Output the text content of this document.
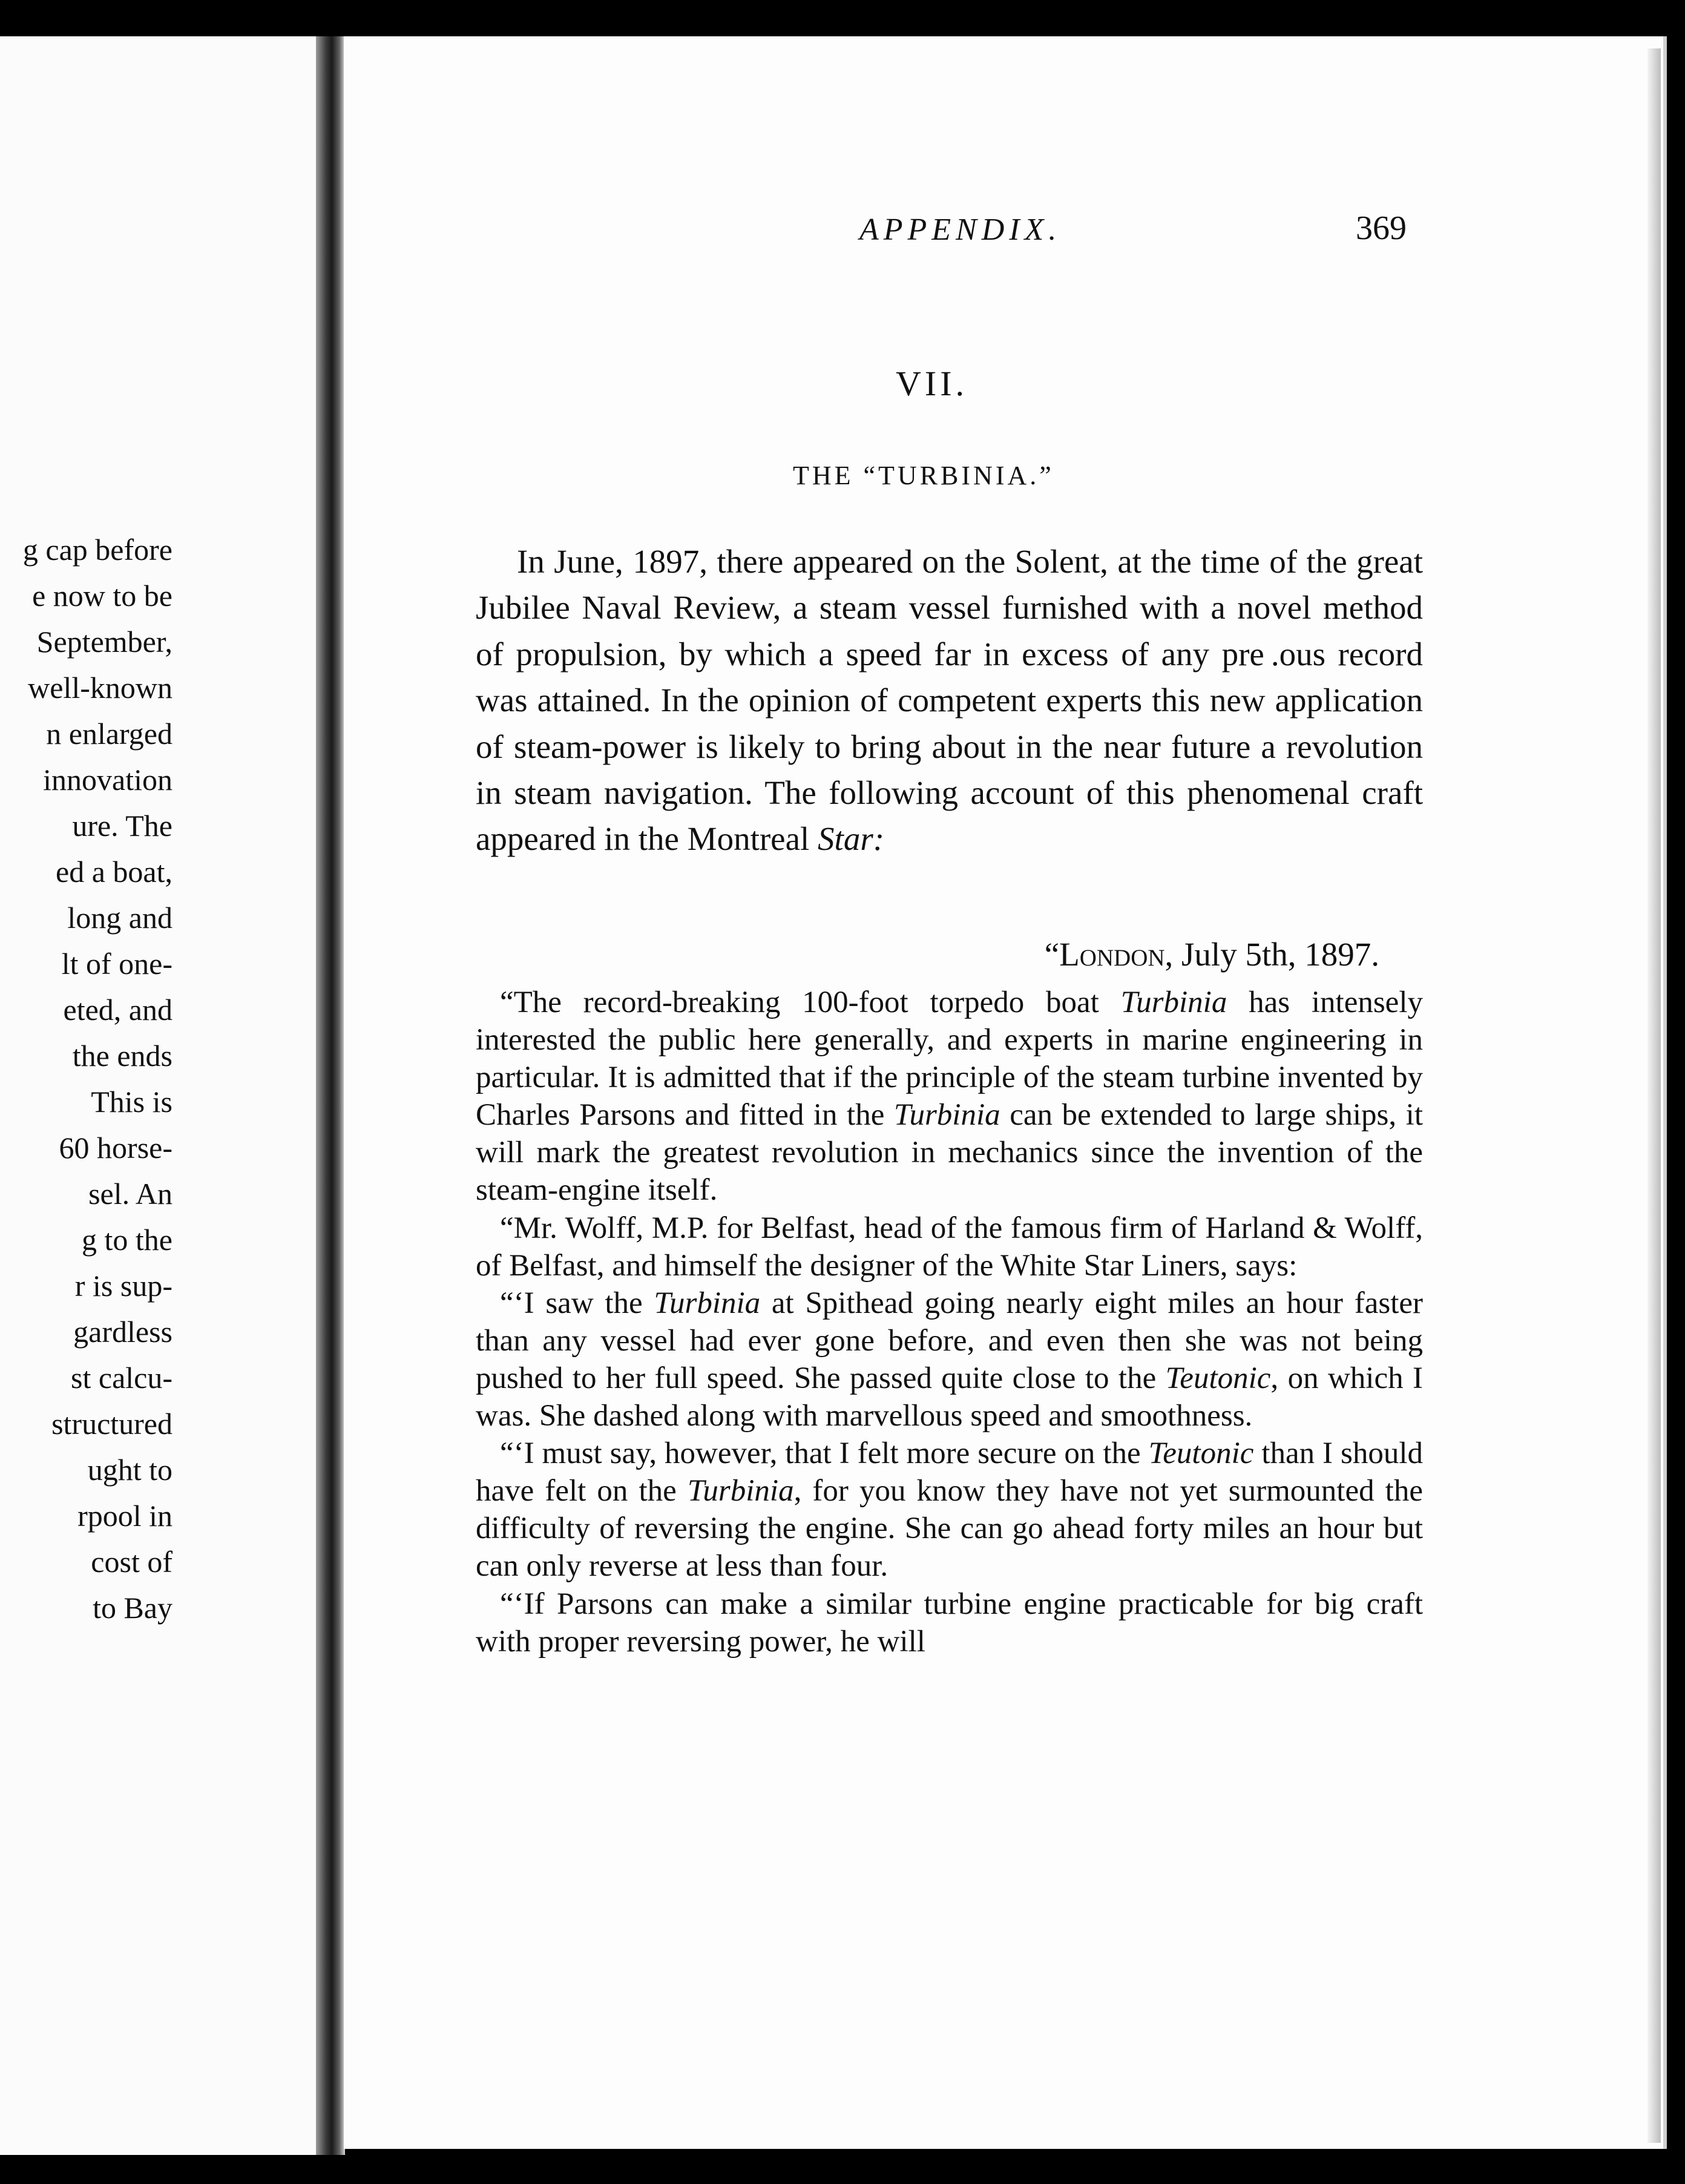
g cap before
e now to be
September,
well-known
n enlarged
innovation
ure. The
ed a boat,
long and
lt of one-
eted, and
the ends
This is
60 horse-
sel. An
g to the
r is sup-
gardless
st calcu-
structured
ught to
rpool in
cost of
to Bay
APPENDIX.	369
VII.
THE “TURBINIA.”

In June, 1897, there appeared on the Solent, at the time of the great Jubilee Naval Review, a steam vessel furnished with a novel method of propulsion, by which a speed far in excess of any pre .ous record was attained. In the opinion of competent experts this new application of steam-power is likely to bring about in the near future a revolution in steam navigation. The following account of this phenomenal craft appeared in the Montreal Star:

“London, July 5th, 1897.

“The record-breaking 100-foot torpedo boat Turbinia has intensely interested the public here generally, and experts in marine engineering in particular. It is admitted that if the principle of the steam turbine invented by Charles Parsons and fitted in the Turbinia can be extended to large ships, it will mark the greatest revolution in mechanics since the invention of the steam-engine itself.

“Mr. Wolff, M.P. for Belfast, head of the famous firm of Harland & Wolff, of Belfast, and himself the designer of the White Star Liners, says:

“‘I saw the Turbinia at Spithead going nearly eight miles an hour faster than any vessel had ever gone before, and even then she was not being pushed to her full speed. She passed quite close to the Teutonic, on which I was. She dashed along with marvellous speed and smoothness.

“‘I must say, however, that I felt more secure on the Teutonic than I should have felt on the Turbinia, for you know they have not yet surmounted the difficulty of reversing the engine. She can go ahead forty miles an hour but can only reverse at less than four.

“‘If Parsons can make a similar turbine engine practicable for big craft with proper reversing power, he will
